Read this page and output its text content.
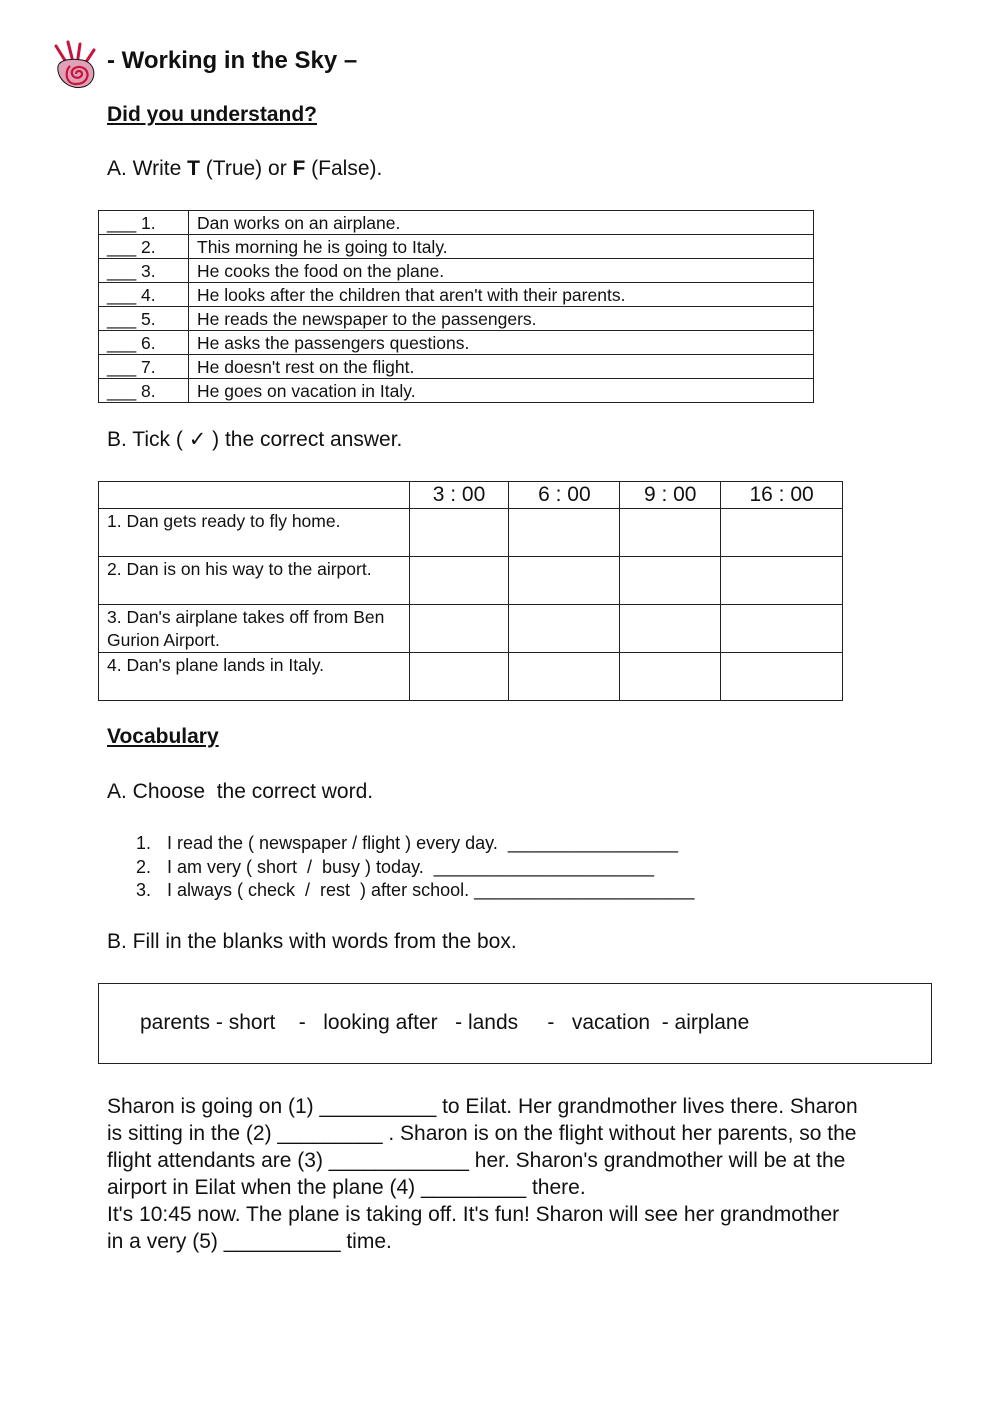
- Working in the Sky –
Did you understand?
A. Write T (True) or F (False).
___ 1.	Dan works on an airplane.
___ 2.	This morning he is going to Italy.
___ 3.	He cooks the food on the plane.
___ 4.	He looks after the children that aren't with their parents.
___ 5.	He reads the newspaper to the passengers.
___ 6.	He asks the passengers questions.
___ 7.	He doesn't rest on the flight.
___ 8.	He goes on vacation in Italy.
B. Tick ( ✓ ) the correct answer.
	3 : 00	6 : 00	9 : 00	16 : 00
1. Dan gets ready to fly home.				
2. Dan is on his way to the airport.				
3. Dan's airplane takes off from Ben Gurion Airport.				
4. Dan's plane lands in Italy.				
Vocabulary
A. Choose  the correct word.
1. I read the ( newspaper / flight ) every day.  _________________
2. I am very ( short  /  busy ) today.  ______________________
3. I always ( check  /  rest  ) after school. ______________________
B. Fill in the blanks with words from the box.
parents - short    -   looking after   - lands     -   vacation  - airplane
Sharon is going on (1) __________ to Eilat. Her grandmother lives there. Sharon
is sitting in the (2) _________ . Sharon is on the flight without her parents, so the
flight attendants are (3) ____________ her. Sharon's grandmother will be at the
airport in Eilat when the plane (4) _________ there.
It's 10:45 now. The plane is taking off. It's fun! Sharon will see her grandmother
in a very (5) __________ time.
